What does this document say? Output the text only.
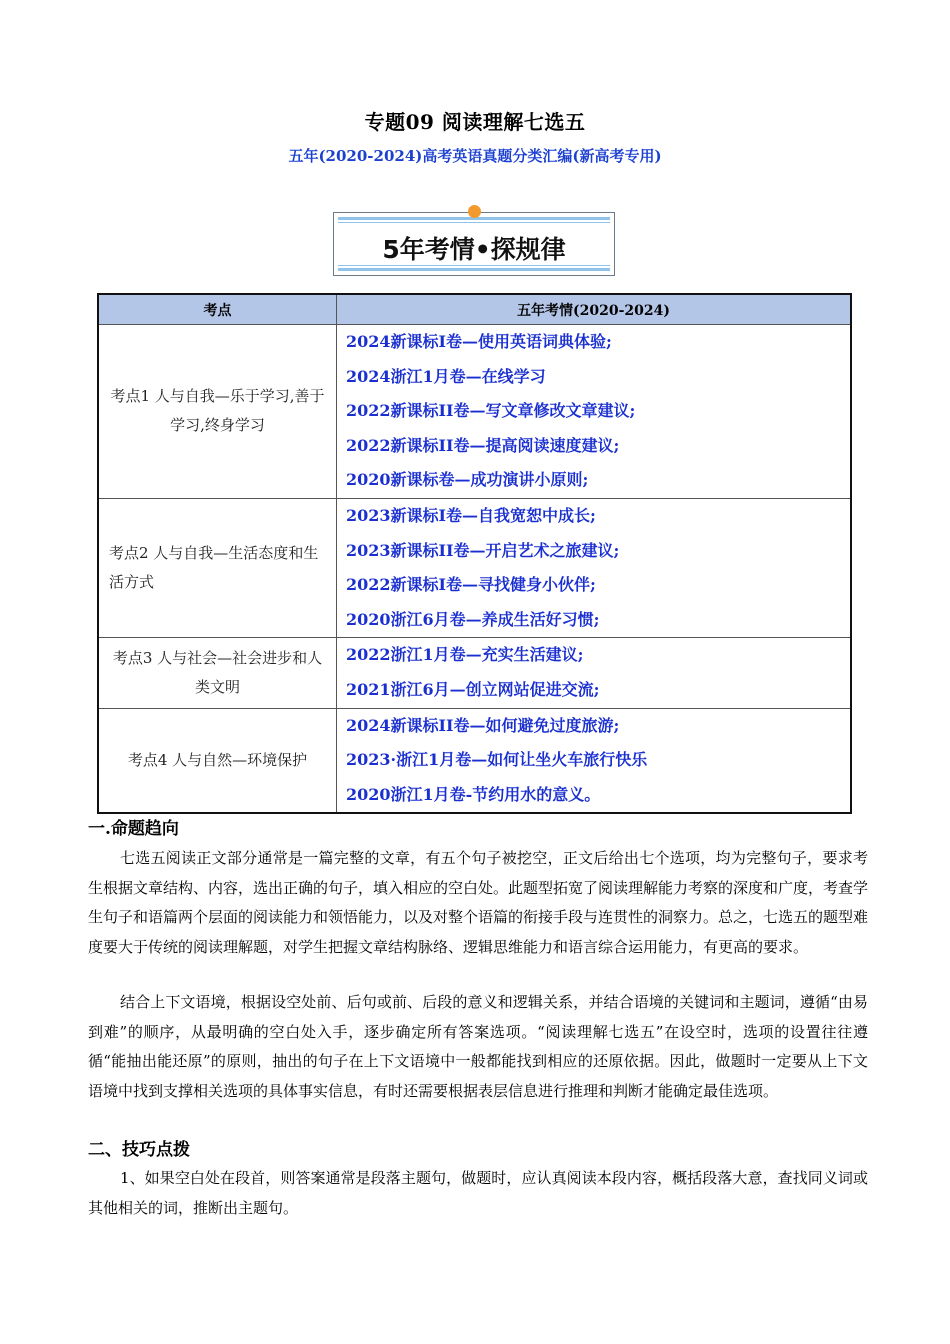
专题09 阅读理解七选五
五年(2020-2024)高考英语真题分类汇编(新高考专用)
5年考情•探规律
考点	五年考情(2020-2024)
考点1 人与自我—乐于学习,善于学习,终身学习	2024新课标I卷—使用英语词典体验;
2024浙江1月卷—在线学习
2022新课标II卷—写文章修改文章建议;
2022新课标II卷—提高阅读速度建议;
2020新课标卷—成功演讲小原则;

考点2 人与自我—生活态度和生活方式	2023新课标I卷—自我宽恕中成长;
2023新课标II卷—开启艺术之旅建议;
2022新课标I卷—寻找健身小伙伴;
2020浙江6月卷—养成生活好习惯;

考点3 人与社会—社会进步和人类文明	2022浙江1月卷—充实生活建议;
2021浙江6月—创立网站促进交流;

考点4 人与自然—环境保护	2024新课标II卷—如何避免过度旅游;
2023·浙江1月卷—如何让坐火车旅行快乐
2020浙江1月卷-节约用水的意义。
一.命题趋向
七选五阅读正文部分通常是一篇完整的文章，有五个句子被挖空，正文后给出七个选项，均为完整句子，要求考生根据文章结构、内容，选出正确的句子，填入相应的空白处。此题型拓宽了阅读理解能力考察的深度和广度，考查学生句子和语篇两个层面的阅读能力和领悟能力，以及对整个语篇的衔接手段与连贯性的洞察力。总之，七选五的题型难度要大于传统的阅读理解题，对学生把握文章结构脉络、逻辑思维能力和语言综合运用能力，有更高的要求。
结合上下文语境，根据设空处前、后句或前、后段的意义和逻辑关系，并结合语境的关键词和主题词，遵循“由易到难”的顺序，从最明确的空白处入手，逐步确定所有答案选项。“阅读理解七选五”在设空时，选项的设置往往遵循“能抽出能还原”的原则，抽出的句子在上下文语境中一般都能找到相应的还原依据。因此，做题时一定要从上下文语境中找到支撑相关选项的具体事实信息，有时还需要根据表层信息进行推理和判断才能确定最佳选项。
二、技巧点拨
1、如果空白处在段首，则答案通常是段落主题句，做题时，应认真阅读本段内容，概括段落大意，查找同义词或其他相关的词，推断出主题句。
